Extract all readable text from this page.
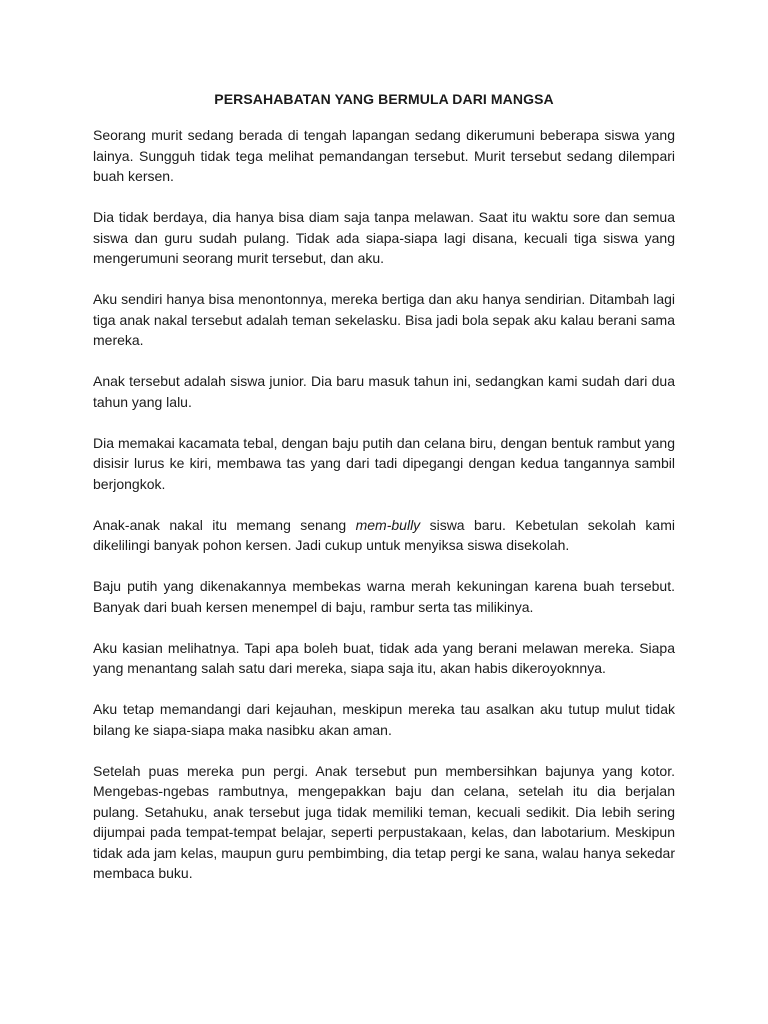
PERSAHABATAN YANG BERMULA DARI MANGSA

Seorang murit sedang berada di tengah lapangan sedang dikerumuni beberapa siswa yang lainya. Sungguh tidak tega melihat pemandangan tersebut. Murit tersebut sedang dilempari buah kersen.

Dia tidak berdaya, dia hanya bisa diam saja tanpa melawan. Saat itu waktu sore dan semua siswa dan guru sudah pulang. Tidak ada siapa-siapa lagi disana, kecuali tiga siswa yang mengerumuni seorang murit tersebut, dan aku.

Aku sendiri hanya bisa menontonnya, mereka bertiga dan aku hanya sendirian. Ditambah lagi tiga anak nakal tersebut adalah teman sekelasku. Bisa jadi bola sepak aku kalau berani sama mereka.

Anak tersebut adalah siswa junior. Dia baru masuk tahun ini, sedangkan kami sudah dari dua tahun yang lalu.

Dia memakai kacamata tebal, dengan baju putih dan celana biru, dengan bentuk rambut yang disisir lurus ke kiri, membawa tas yang dari tadi dipegangi dengan kedua tangannya sambil berjongkok.

Anak-anak nakal itu memang senang mem-bully siswa baru. Kebetulan sekolah kami dikelilingi banyak pohon kersen. Jadi cukup untuk menyiksa siswa disekolah.

Baju putih yang dikenakannya membekas warna merah kekuningan karena buah tersebut. Banyak dari buah kersen menempel di baju, rambur serta tas milikinya.

Aku kasian melihatnya. Tapi apa boleh buat, tidak ada yang berani melawan mereka. Siapa yang menantang salah satu dari mereka, siapa saja itu, akan habis dikeroyoknnya.

Aku tetap memandangi dari kejauhan, meskipun mereka tau asalkan aku tutup mulut tidak bilang ke siapa-siapa maka nasibku akan aman.

Setelah puas mereka pun pergi. Anak tersebut pun membersihkan bajunya yang kotor. Mengebas-ngebas rambutnya, mengepakkan baju dan celana, setelah itu dia berjalan pulang. Setahuku, anak tersebut juga tidak memiliki teman, kecuali sedikit. Dia lebih sering dijumpai pada tempat-tempat belajar, seperti perpustakaan, kelas, dan labotarium. Meskipun tidak ada jam kelas, maupun guru pembimbing, dia tetap pergi ke sana, walau hanya sekedar membaca buku.
